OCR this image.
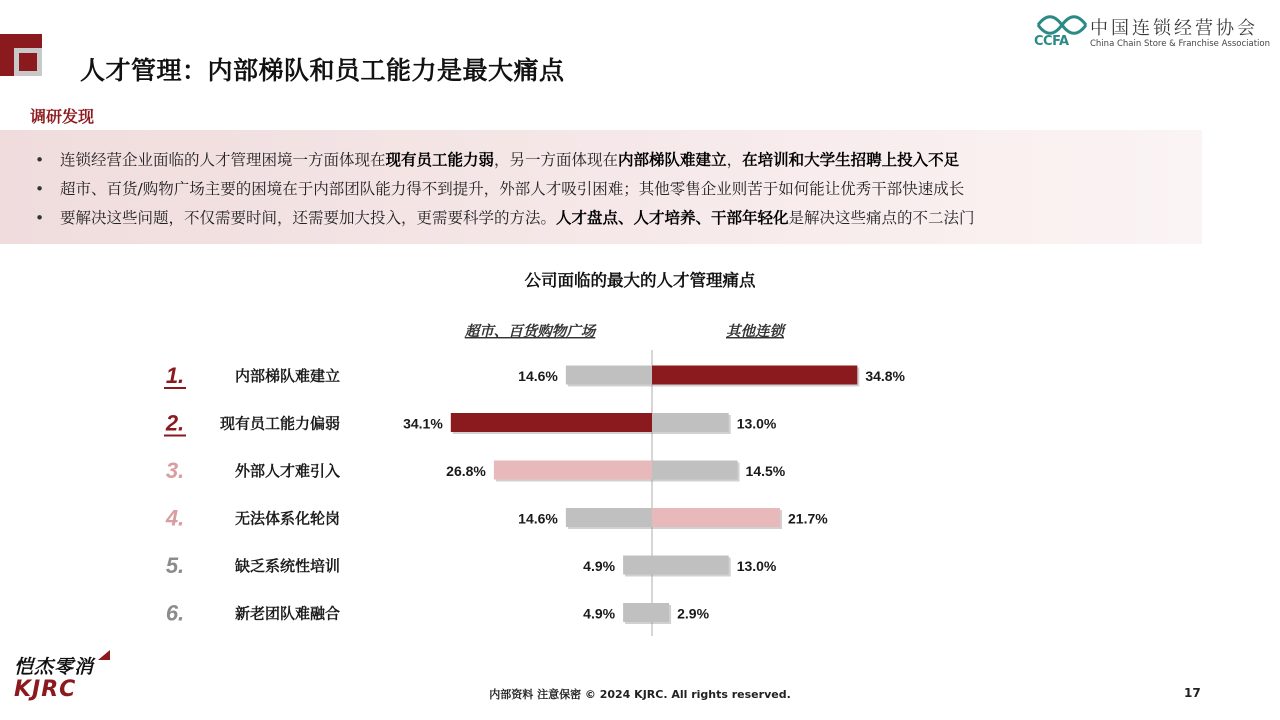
人才管理：内部梯队和员工能力是最大痛点
CCFA
中国连锁经营协会
China Chain Store & Franchise Association
调研发现
• 连锁经营企业面临的人才管理困境一方面体现在现有员工能力弱，另一方面体现在内部梯队难建立，在培训和大学生招聘上投入不足
• 超市、百货/购物广场主要的困境在于内部团队能力得不到提升，外部人才吸引困难；其他零售企业则苦于如何能让优秀干部快速成长
• 要解决这些问题，不仅需要时间，还需要加大投入，更需要科学的方法。人才盘点、人才培养、干部年轻化是解决这些痛点的不二法门
公司面临的最大的人才管理痛点
超市、百货购物广场	其他连锁
1.	内部梯队难建立	14.6%	34.8%
2. 现有员工能力偏弱	34.1%	13.0%
3.	外部人才难引入	26.8%	14.5%
4.	无法体系化轮岗	14.6%	21.7%
5.	缺乏系统性培训	4.9%	13.0%
6.	新老团队难融合	4.9%	2.9%
恺杰零消
KJRC	内部资料 注意保密 © 2024 KJRC. All rights reserved.	17
